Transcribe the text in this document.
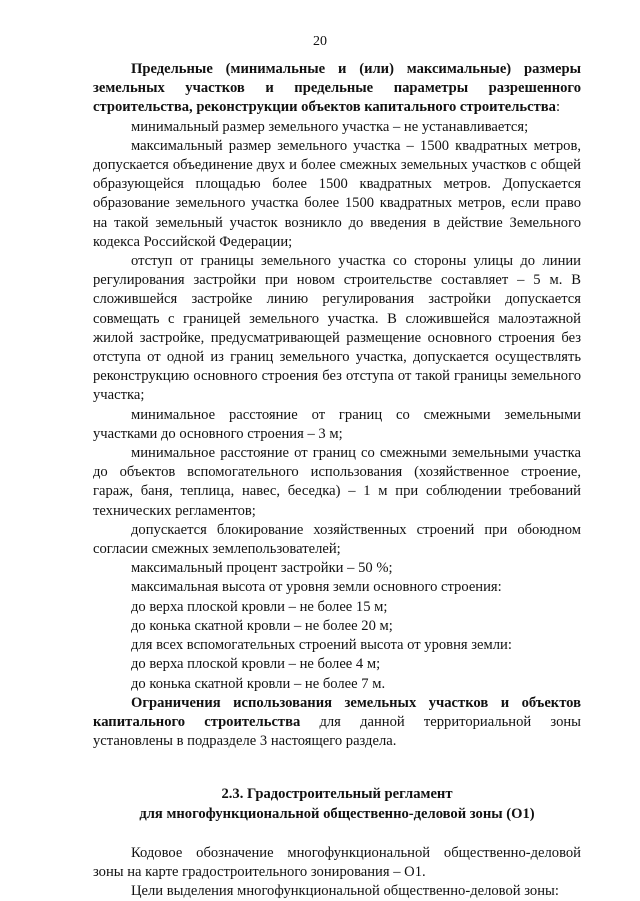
20

Предельные (минимальные и (или) максимальные) размеры земельных участков и предельные параметры разрешенного строительства, реконструкции объектов капитального строительства:

минимальный размер земельного участка – не устанавливается;

максимальный размер земельного участка – 1500 квадратных метров, допускается объединение двух и более смежных земельных участков с общей образующейся площадью более 1500 квадратных метров. Допускается образование земельного участка более 1500 квадратных метров, если право на такой земельный участок возникло до введения в действие Земельного кодекса Российской Федерации;

отступ от границы земельного участка со стороны улицы до линии регулирования застройки при новом строительстве составляет – 5 м. В сложившейся застройке линию регулирования застройки допускается совмещать с границей земельного участка. В сложившейся малоэтажной жилой застройке, предусматривающей размещение основного строения без отступа от одной из границ земельного участка, допускается осуществлять реконструкцию основного строения без отступа от такой границы земельного участка;

минимальное расстояние от границ со смежными земельными участками до основного строения – 3 м;

минимальное расстояние от границ со смежными земельными участка до объектов вспомогательного использования (хозяйственное строение, гараж, баня, теплица, навес, беседка) – 1 м при соблюдении требований технических регламентов;

допускается блокирование хозяйственных строений при обоюдном согласии смежных землепользователей;

максимальный процент застройки – 50 %;

максимальная высота от уровня земли основного строения:

до верха плоской кровли – не более 15 м;

до конька скатной кровли – не более 20 м;

для всех вспомогательных строений высота от уровня земли:

до верха плоской кровли – не более 4 м;

до конька скатной кровли – не более 7 м.

Ограничения использования земельных участков и объектов капитального строительства для данной территориальной зоны установлены в подразделе 3 настоящего раздела.

2.3. Градостроительный регламент

для многофункциональной общественно-деловой зоны (О1)

Кодовое обозначение многофункциональной общественно-деловой зоны на карте градостроительного зонирования – О1.

Цели выделения многофункциональной общественно-деловой зоны:
